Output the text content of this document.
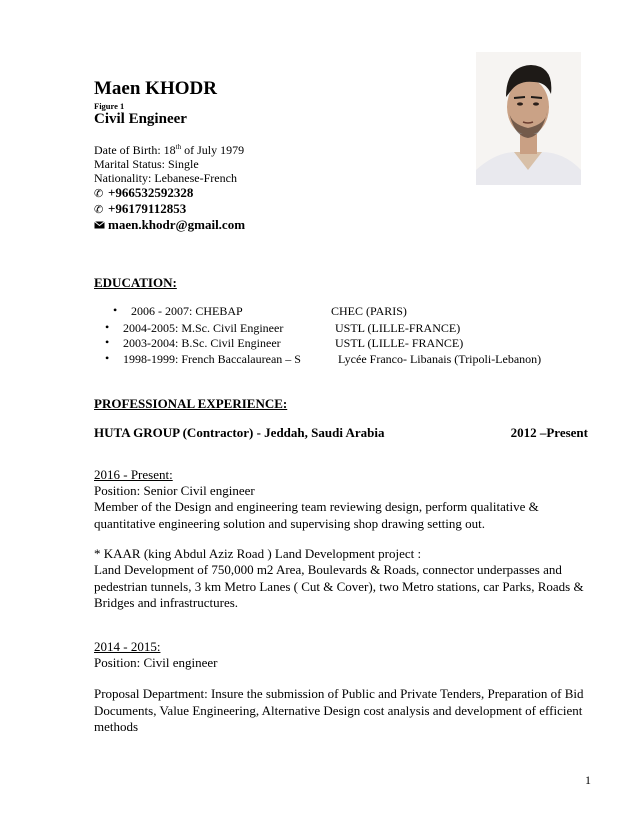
Maen KHODR
Figure 1
Civil Engineer
Date of Birth: 18th of July 1979
Marital Status: Single
Nationality: Lebanese-French
✆ +966532592328
✆ +96179112853
maen.khodr@gmail.com
EDUCATION:
• 2006 - 2007: CHEBAP	CHEC (PARIS)
• 2004-2005: M.Sc. Civil Engineer	USTL (LILLE-FRANCE)
• 2003-2004: B.Sc. Civil Engineer	USTL (LILLE- FRANCE)
• 1998-1999: French Baccalaurean – S	Lycée Franco- Libanais (Tripoli-Lebanon)
PROFESSIONAL EXPERIENCE:
HUTA GROUP (Contractor) - Jeddah, Saudi Arabia	2012 –Present
2016 - Present:
Position: Senior Civil engineer
Member of the Design and engineering team reviewing design, perform qualitative & quantitative engineering solution and supervising shop drawing setting out.
* KAAR (king Abdul Aziz Road ) Land Development project :
Land Development of 750,000 m2 Area, Boulevards & Roads, connector underpasses and pedestrian tunnels, 3 km Metro Lanes ( Cut & Cover), two Metro stations, car Parks, Roads & Bridges and infrastructures.
2014 - 2015:
Position: Civil engineer
Proposal Department: Insure the submission of Public and Private Tenders, Preparation of Bid Documents, Value Engineering, Alternative Design cost analysis and development of efficient methods
1
